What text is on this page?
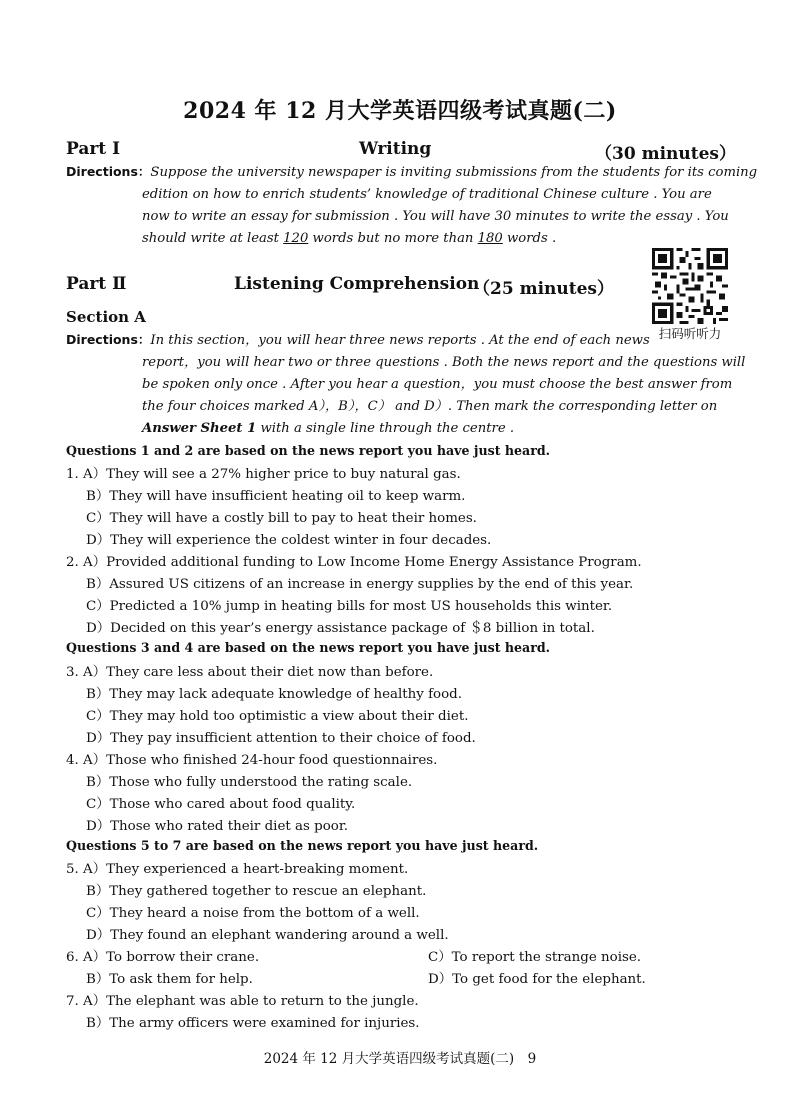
2024 年 12 月大学英语四级考试真题(二)
Part Ⅰ	Writing	（30 minutes）
Directions：Suppose the university newspaper is inviting submissions from the students for its coming
edition on how to enrich students’ knowledge of traditional Chinese culture . You are
now to write an essay for submission . You will have 30 minutes to write the essay . You
should write at least 120 words but no more than 180 words .
Part Ⅱ	Listening Comprehension
（25 minutes）
扫码听听力
Section A
Directions：In this section，you will hear three news reports . At the end of each news
report，you will hear two or three questions . Both the news report and the questions will
be spoken only once . After you hear a question，you must choose the best answer from
the four choices marked A），B），C） and D）. Then mark the corresponding letter on
Answer Sheet 1 with a single line through the centre .
Questions 1 and 2 are based on the news report you have just heard.
1. A）They will see a 27% higher price to buy natural gas.
B）They will have insufficient heating oil to keep warm.
C）They will have a costly bill to pay to heat their homes.
D）They will experience the coldest winter in four decades.
2. A）Provided additional funding to Low Income Home Energy Assistance Program.
B）Assured US citizens of an increase in energy supplies by the end of this year.
C）Predicted a 10% jump in heating bills for most US households this winter.
D）Decided on this year’s energy assistance package of ＄8 billion in total.
Questions 3 and 4 are based on the news report you have just heard.
3. A）They care less about their diet now than before.
B）They may lack adequate knowledge of healthy food.
C）They may hold too optimistic a view about their diet.
D）They pay insufficient attention to their choice of food.
4. A）Those who finished 24-hour food questionnaires.
B）Those who fully understood the rating scale.
C）Those who cared about food quality.
D）Those who rated their diet as poor.
Questions 5 to 7 are based on the news report you have just heard.
5. A）They experienced a heart-breaking moment.
B）They gathered together to rescue an elephant.
C）They heard a noise from the bottom of a well.
D）They found an elephant wandering around a well.
6. A）To borrow their crane.
B）To ask them for help.
C）To report the strange noise.
D）To get food for the elephant.
7. A）The elephant was able to return to the jungle.
B）The army officers were examined for injuries.
2024 年 12 月大学英语四级考试真题(二)　9
